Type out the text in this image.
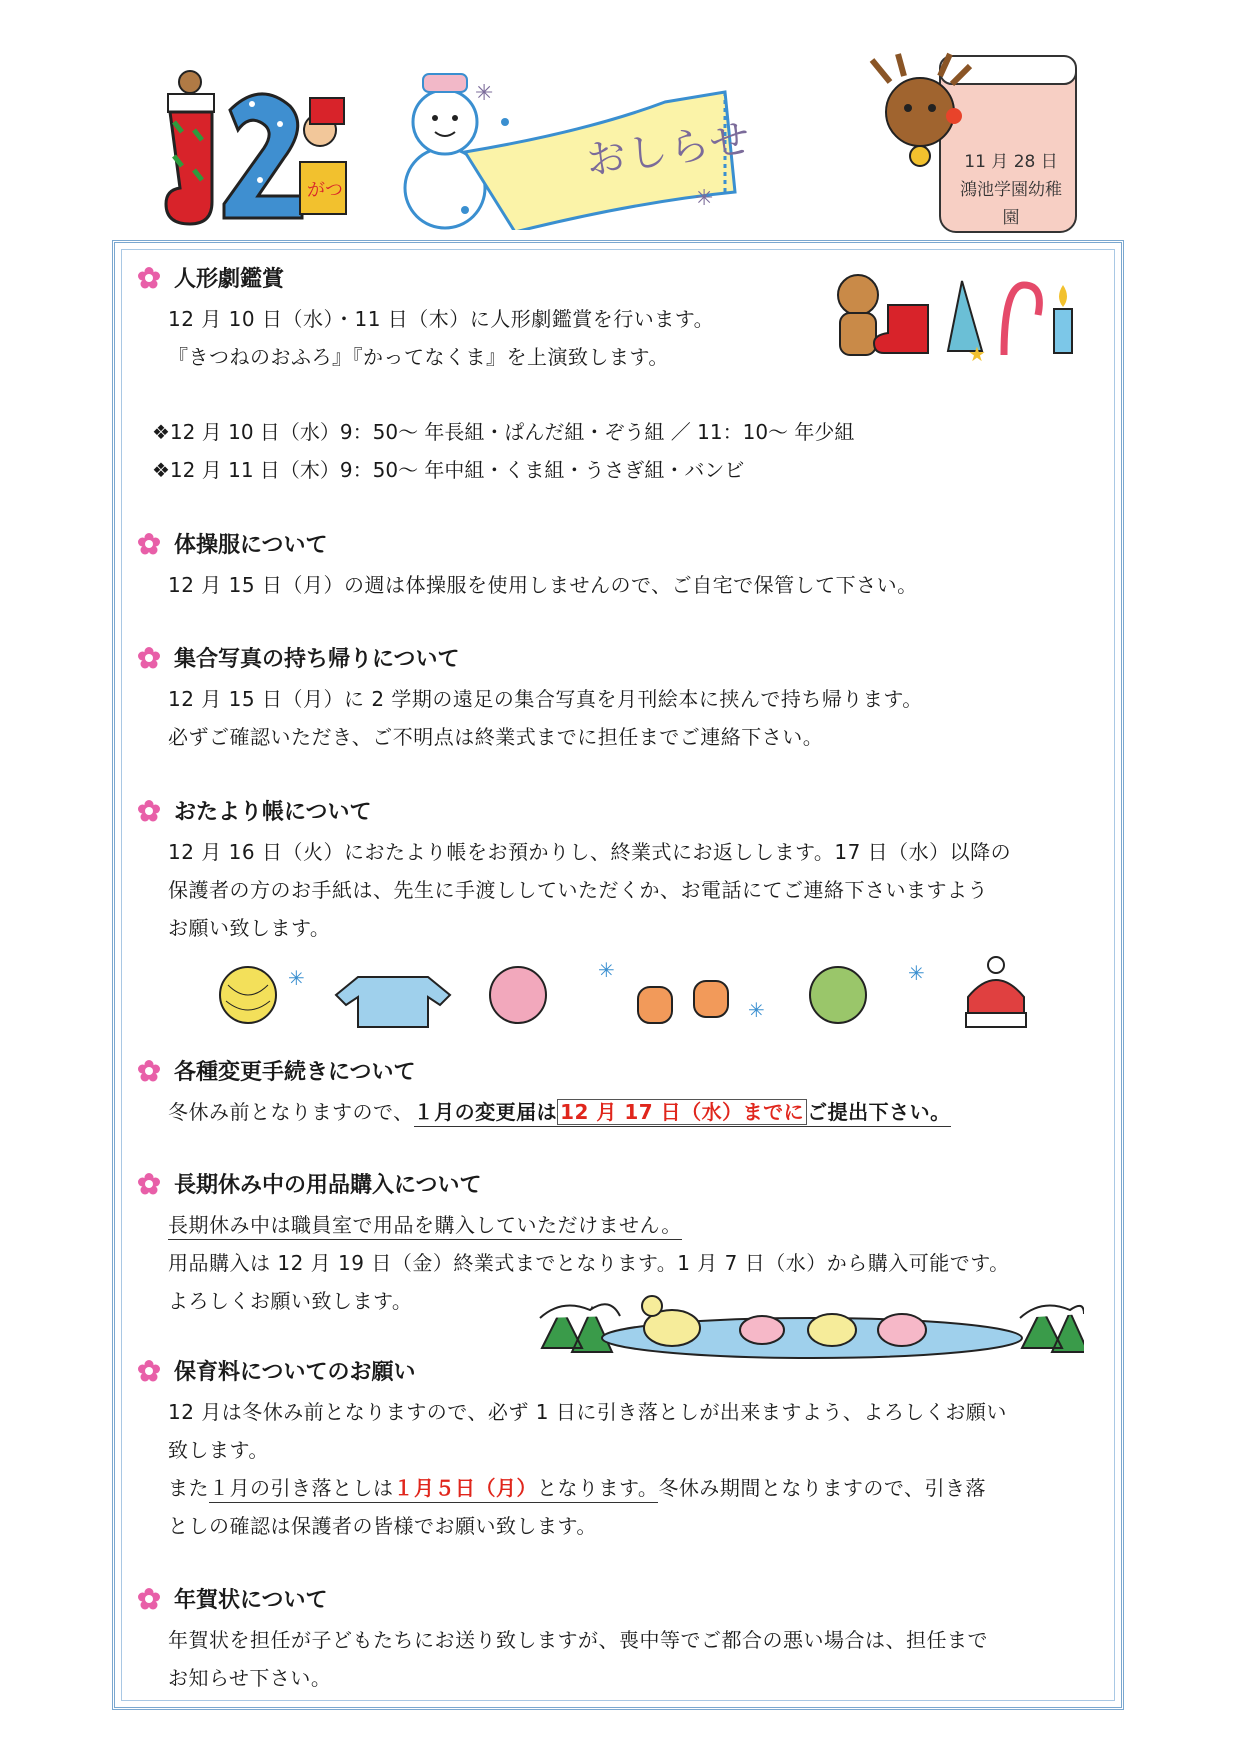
がつ
✳
✳
おしらせ	11 月 28 日
鴻池学園幼稚園
人形劇鑑賞
12 月 10 日（水）・11 日（木）に人形劇鑑賞を行います。
『きつねのおふろ』『かってなくま』を上演致します。
❖12 月 10 日（水）9：50～ 年長組・ぱんだ組・ぞう組 ／ 11：10～ 年少組
❖12 月 11 日（木）9：50～ 年中組・くま組・うさぎ組・バンビ
★
体操服について
12 月 15 日（月）の週は体操服を使用しませんので、ご自宅で保管して下さい。
集合写真の持ち帰りについて
12 月 15 日（月）に 2 学期の遠足の集合写真を月刊絵本に挟んで持ち帰ります。
必ずご確認いただき、ご不明点は終業式までに担任までご連絡下さい。
おたより帳について
12 月 16 日（火）におたより帳をお預かりし、終業式にお返しします。17 日（水）以降の
保護者の方のお手紙は、先生に手渡ししていただくか、お電話にてご連絡下さいますよう
お願い致します。
✳	✳
✳
✳
各種変更手続きについて
冬休み前となりますので、１月の変更届は 12 月 17 日（水）までに ご提出下さい。
長期休み中の用品購入について
長期休み中は職員室で用品を購入していただけません。
用品購入は 12 月 19 日（金）終業式までとなります。1 月 7 日（水）から購入可能です。
よろしくお願い致します。
保育料についてのお願い
12 月は冬休み前となりますので、必ず 1 日に引き落としが出来ますよう、よろしくお願い
致します。
また１月の引き落としは１月５日（月）となります。冬休み期間となりますので、引き落
としの確認は保護者の皆様でお願い致します。
年賀状について
年賀状を担任が子どもたちにお送り致しますが、喪中等でご都合の悪い場合は、担任まで
お知らせ下さい。
